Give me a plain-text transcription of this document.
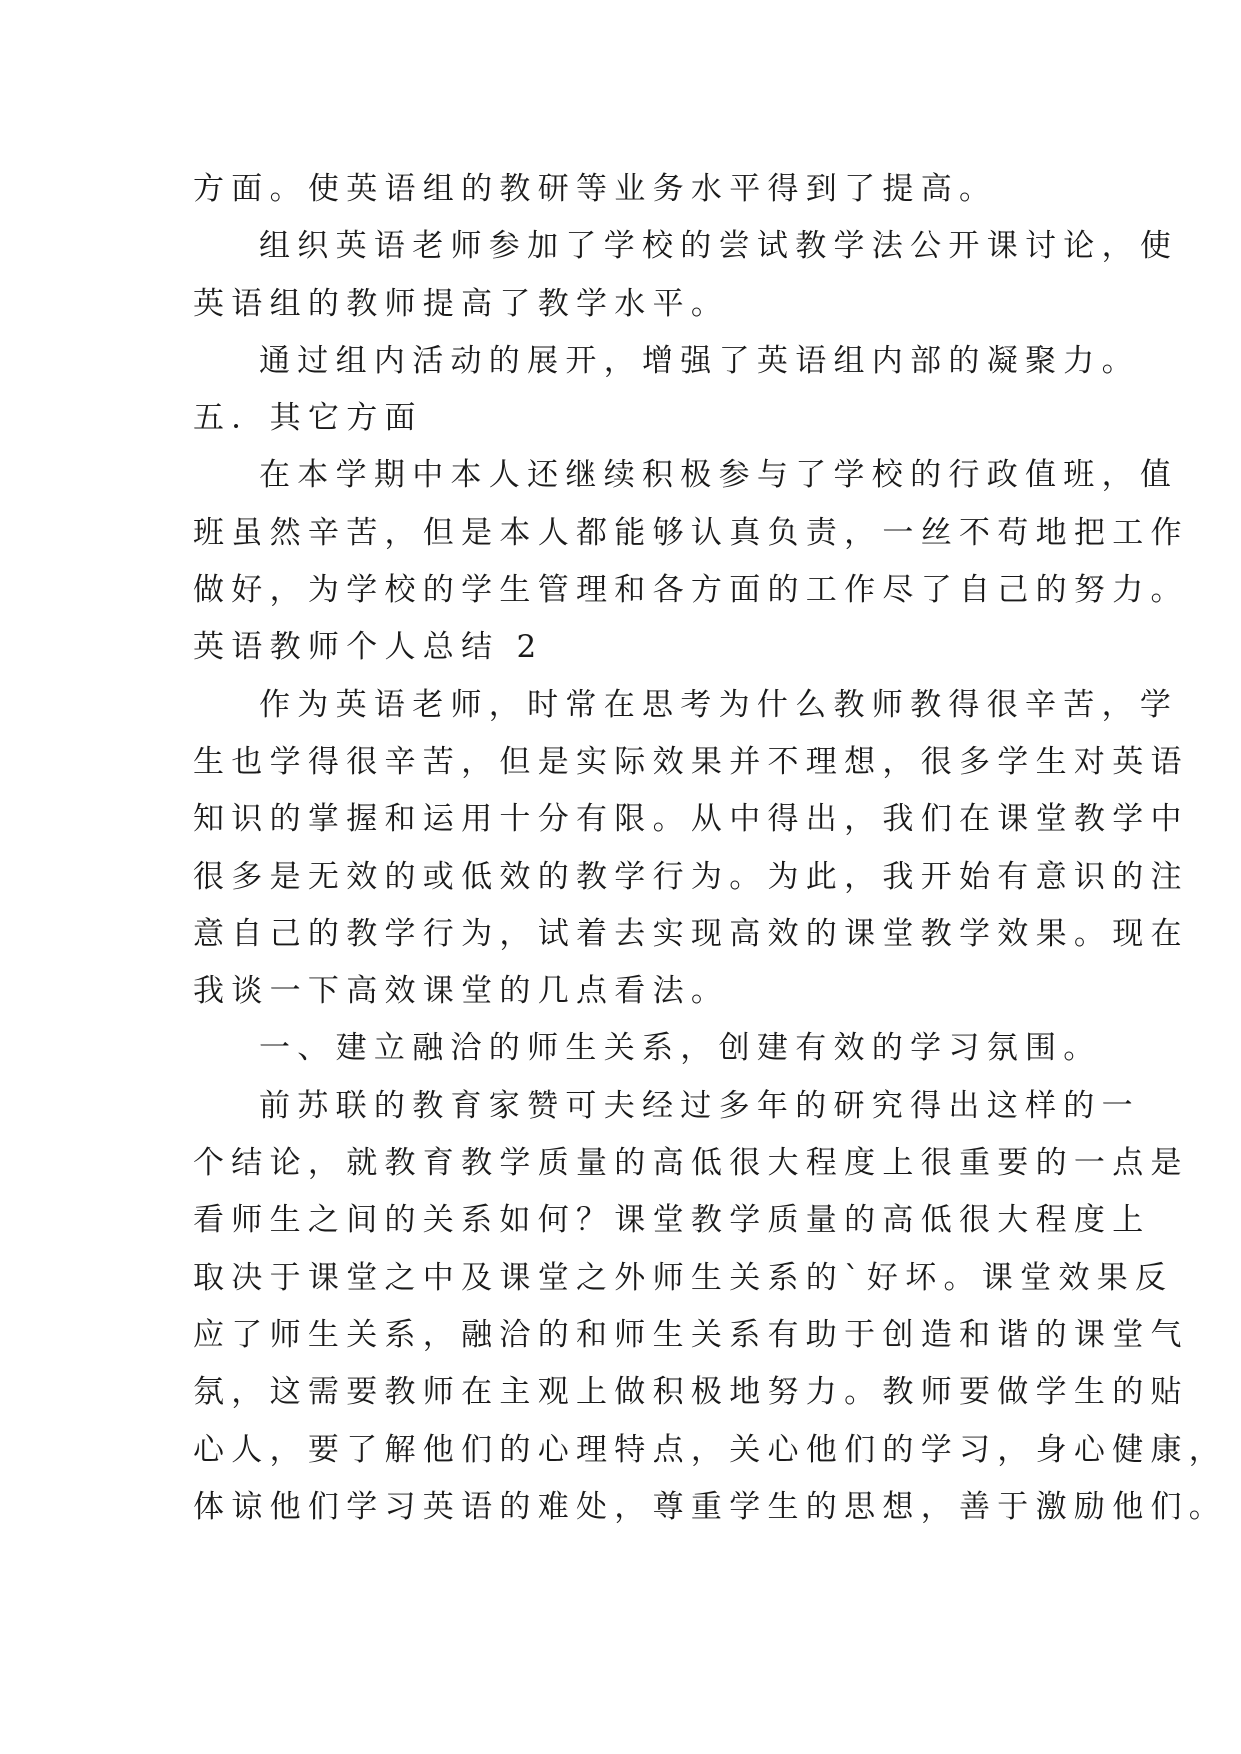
方面。使英语组的教研等业务水平得到了提高。
组织英语老师参加了学校的尝试教学法公开课讨论，使
英语组的教师提高了教学水平。
通过组内活动的展开，增强了英语组内部的凝聚力。
五．其它方面
在本学期中本人还继续积极参与了学校的行政值班，值
班虽然辛苦，但是本人都能够认真负责，一丝不苟地把工作
做好，为学校的学生管理和各方面的工作尽了自己的努力。
英语教师个人总结 2
作为英语老师，时常在思考为什么教师教得很辛苦，学
生也学得很辛苦，但是实际效果并不理想，很多学生对英语
知识的掌握和运用十分有限。从中得出，我们在课堂教学中
很多是无效的或低效的教学行为。为此，我开始有意识的注
意自己的教学行为，试着去实现高效的课堂教学效果。现在
我谈一下高效课堂的几点看法。
一、建立融洽的师生关系，创建有效的学习氛围。
前苏联的教育家赞可夫经过多年的研究得出这样的一
个结论，就教育教学质量的高低很大程度上很重要的一点是
看师生之间的关系如何？课堂教学质量的高低很大程度上
取决于课堂之中及课堂之外师生关系的`好坏。课堂效果反
应了师生关系，融洽的和师生关系有助于创造和谐的课堂气
氛，这需要教师在主观上做积极地努力。教师要做学生的贴
心人，要了解他们的心理特点，关心他们的学习，身心健康，
体谅他们学习英语的难处，尊重学生的思想，善于激励他们。
